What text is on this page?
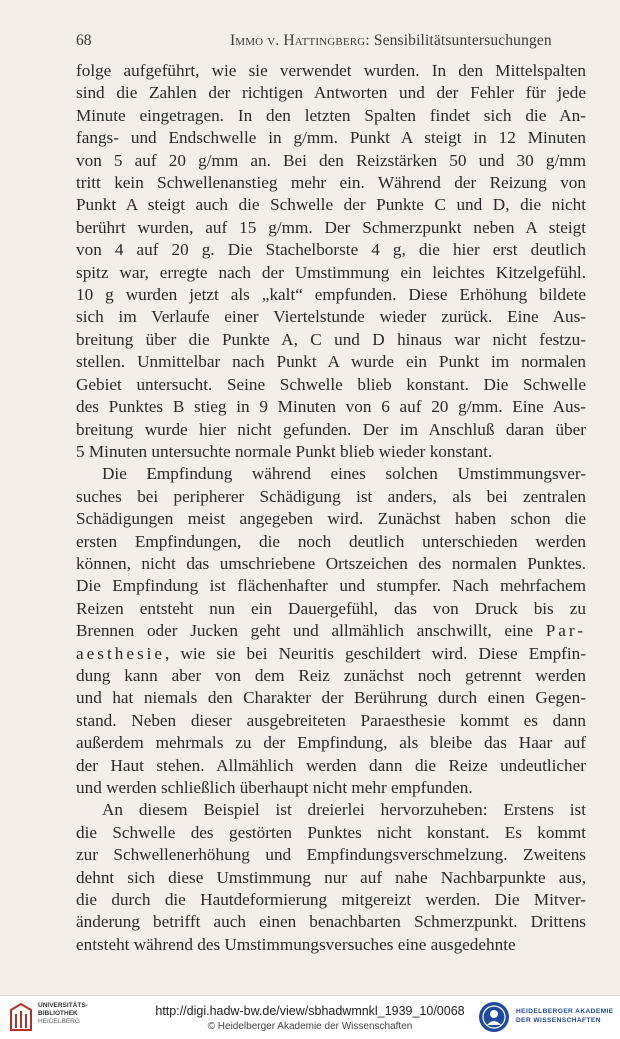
68	Immo v. Hattingberg: Sensibilitätsuntersuchungen
folge aufgeführt, wie sie verwendet wurden. In den Mittelspalten
sind die Zahlen der richtigen Antworten und der Fehler für jede
Minute eingetragen. In den letzten Spalten findet sich die An-
fangs- und Endschwelle in g/mm. Punkt A steigt in 12 Minuten
von 5 auf 20 g/mm an. Bei den Reizstärken 50 und 30 g/mm
tritt kein Schwellenanstieg mehr ein. Während der Reizung von
Punkt A steigt auch die Schwelle der Punkte C und D, die nicht
berührt wurden, auf 15 g/mm. Der Schmerzpunkt neben A steigt
von 4 auf 20 g. Die Stachelborste 4 g, die hier erst deutlich
spitz war, erregte nach der Umstimmung ein leichtes Kitzelgefühl.
10 g wurden jetzt als „kalt“ empfunden. Diese Erhöhung bildete
sich im Verlaufe einer Viertelstunde wieder zurück. Eine Aus-
breitung über die Punkte A, C und D hinaus war nicht festzu-
stellen. Unmittelbar nach Punkt A wurde ein Punkt im normalen
Gebiet untersucht. Seine Schwelle blieb konstant. Die Schwelle
des Punktes B stieg in 9 Minuten von 6 auf 20 g/mm. Eine Aus-
breitung wurde hier nicht gefunden. Der im Anschluß daran über
5 Minuten untersuchte normale Punkt blieb wieder konstant.
Die Empfindung während eines solchen Umstimmungsver-
suches bei peripherer Schädigung ist anders, als bei zentralen
Schädigungen meist angegeben wird. Zunächst haben schon die
ersten Empfindungen, die noch deutlich unterschieden werden
können, nicht das umschriebene Ortszeichen des normalen Punktes.
Die Empfindung ist flächenhafter und stumpfer. Nach mehrfachem
Reizen entsteht nun ein Dauergefühl, das von Druck bis zu
Brennen oder Jucken geht und allmählich anschwillt, eine Par-
aesthesie, wie sie bei Neuritis geschildert wird. Diese Empfin-
dung kann aber von dem Reiz zunächst noch getrennt werden
und hat niemals den Charakter der Berührung durch einen Gegen-
stand. Neben dieser ausgebreiteten Paraesthesie kommt es dann
außerdem mehrmals zu der Empfindung, als bleibe das Haar auf
der Haut stehen. Allmählich werden dann die Reize undeutlicher
und werden schließlich überhaupt nicht mehr empfunden.
An diesem Beispiel ist dreierlei hervorzuheben: Erstens ist
die Schwelle des gestörten Punktes nicht konstant. Es kommt
zur Schwellenerhöhung und Empfindungsverschmelzung. Zweitens
dehnt sich diese Umstimmung nur auf nahe Nachbarpunkte aus,
die durch die Hautdeformierung mitgereizt werden. Die Mitver-
änderung betrifft auch einen benachbarten Schmerzpunkt. Drittens
entsteht während des Umstimmungsversuches eine ausgedehnte
UNIVERSITÄTS-
BIBLIOTHEK
HEIDELBERG
http://digi.hadw-bw.de/view/sbhadwmnkl_1939_10/0068
© Heidelberger Akademie der Wissenschaften
HEIDELBERGER AKADEMIE
DER WISSENSCHAFTEN
